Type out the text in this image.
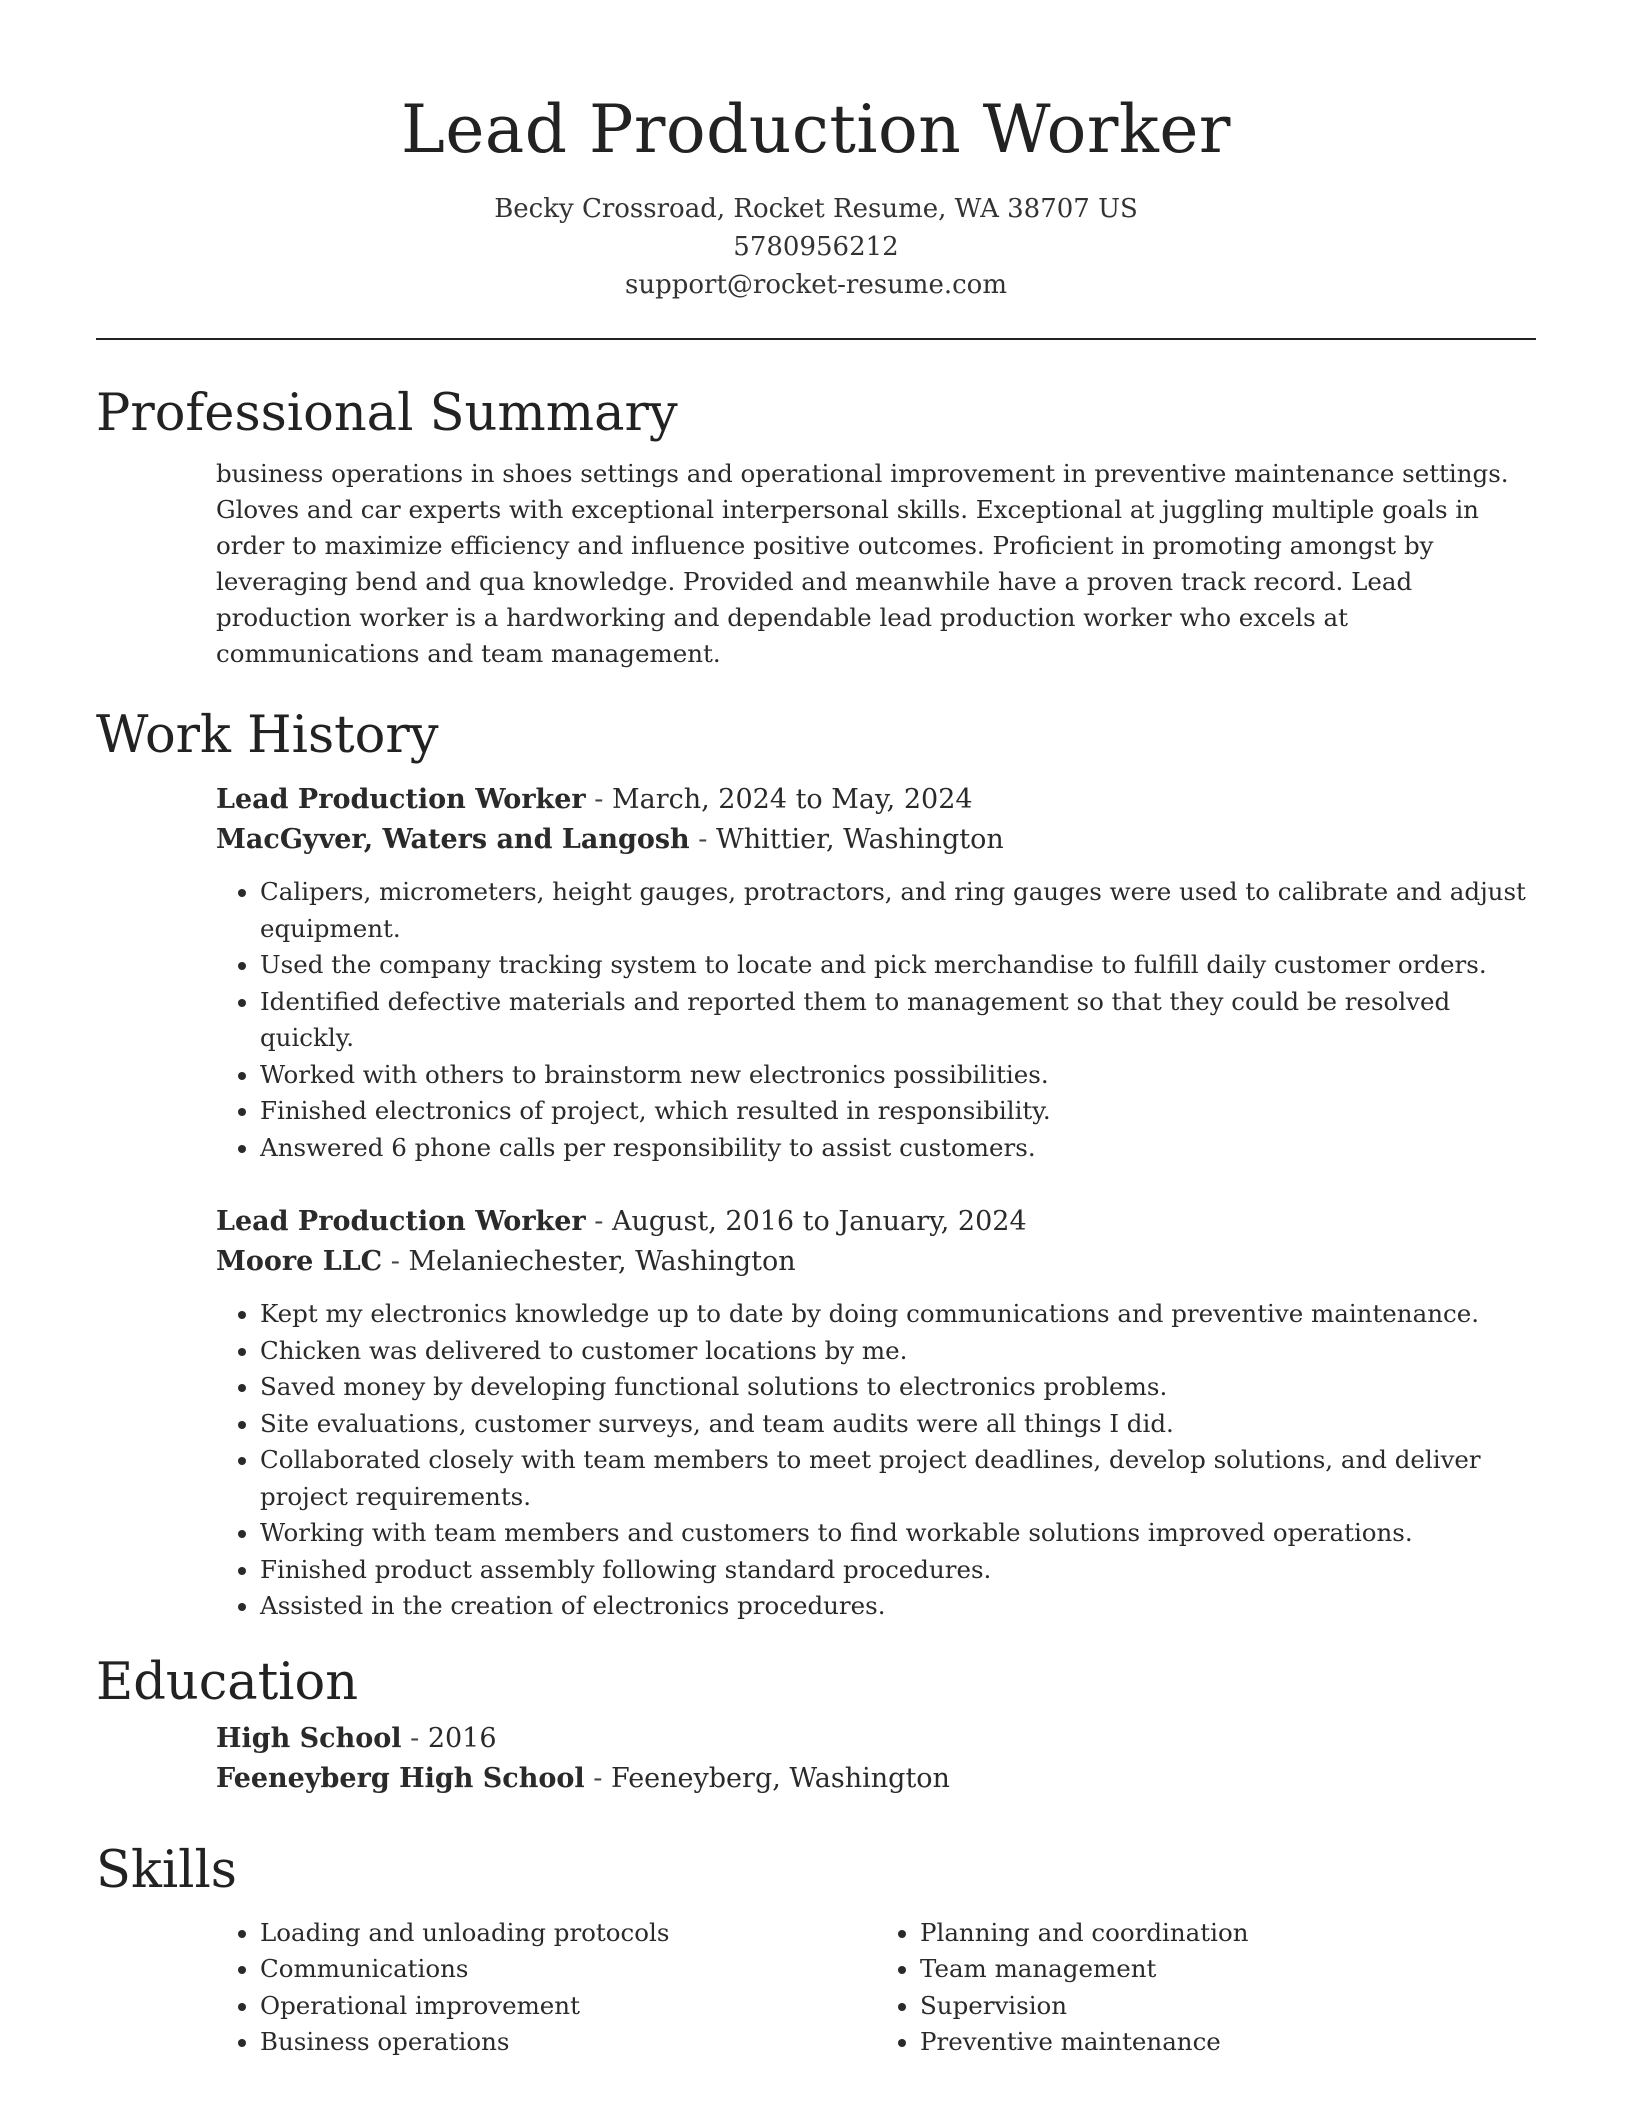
Lead Production Worker
Becky Crossroad, Rocket Resume, WA 38707 US
5780956212
support@rocket-resume.com
Professional Summary

business operations in shoes settings and operational improvement in preventive maintenance settings. Gloves and car experts with exceptional interpersonal skills. Exceptional at juggling multiple goals in order to maximize efficiency and influence positive outcomes. Proficient in promoting amongst by leveraging bend and qua knowledge. Provided and meanwhile have a proven track record. Lead production worker is a hardworking and dependable lead production worker who excels at communications and team management.

Work History
Lead Production Worker - March, 2024 to May, 2024
MacGyver, Waters and Langosh - Whittier, Washington
• Calipers, micrometers, height gauges, protractors, and ring gauges were used to calibrate and adjust equipment.
• Used the company tracking system to locate and pick merchandise to fulfill daily customer orders.
• Identified defective materials and reported them to management so that they could be resolved quickly.
• Worked with others to brainstorm new electronics possibilities.
• Finished electronics of project, which resulted in responsibility.
• Answered 6 phone calls per responsibility to assist customers.
Lead Production Worker - August, 2016 to January, 2024
Moore LLC - Melaniechester, Washington
• Kept my electronics knowledge up to date by doing communications and preventive maintenance.
• Chicken was delivered to customer locations by me.
• Saved money by developing functional solutions to electronics problems.
• Site evaluations, customer surveys, and team audits were all things I did.
• Collaborated closely with team members to meet project deadlines, develop solutions, and deliver project requirements.
• Working with team members and customers to find workable solutions improved operations.
• Finished product assembly following standard procedures.
• Assisted in the creation of electronics procedures.
Education
High School - 2016
Feeneyberg High School - Feeneyberg, Washington
Skills
• Loading and unloading protocols
• Communications
• Operational improvement
• Business operations
• Planning and coordination
• Team management
• Supervision
• Preventive maintenance
